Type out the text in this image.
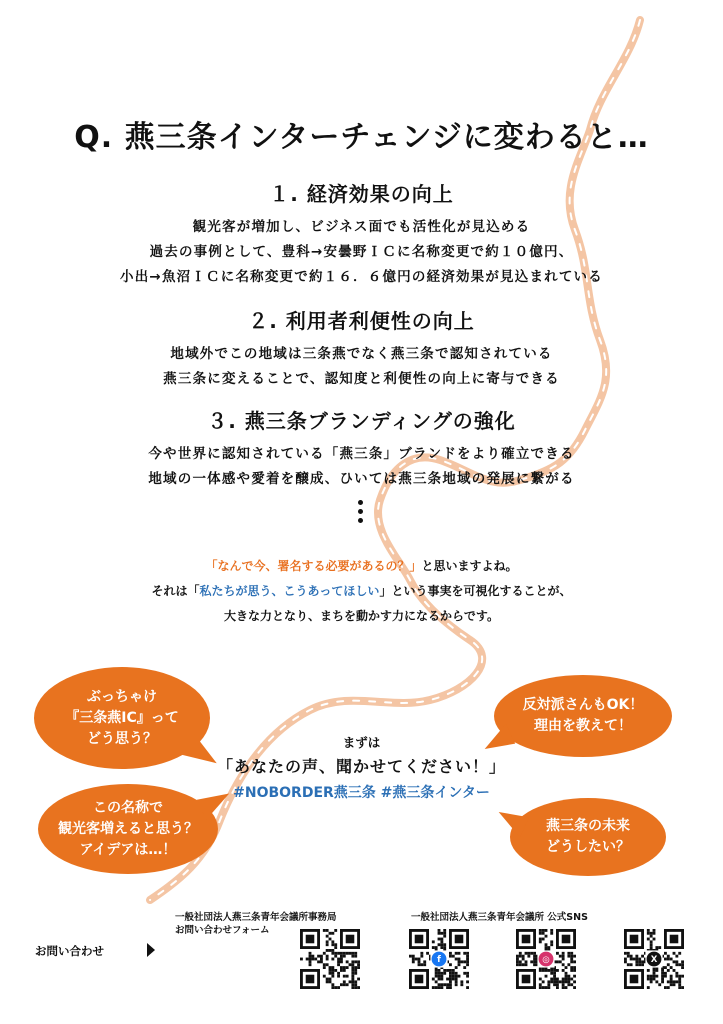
Q. 燕三条インターチェンジに変わると…
１. 経済効果の向上

観光客が増加し、ビジネス面でも活性化が見込める

過去の事例として、豊科→安曇野ＩＣに名称変更で約１０億円、

小出→魚沼ＩＣに名称変更で約１６．６億円の経済効果が見込まれている

２. 利用者利便性の向上

地域外でこの地域は三条燕でなく燕三条で認知されている

燕三条に変えることで、認知度と利便性の向上に寄与できる

３. 燕三条ブランディングの強化

今や世界に認知されている「燕三条」ブランドをより確立できる

地域の一体感や愛着を醸成、ひいては燕三条地域の発展に繋がる

「なんで今、署名する必要があるの？」と思いますよね。
それは「私たちが思う、こうあってほしい」という事実を可視化することが、
大きな力となり、まちを動かす力になるからです。
ぶっちゃけ
『三条燕IC』って
どう思う？
反対派さんもOK！
理由を教えて！
この名称で
観光客増えると思う？
アイデアは…！
燕三条の未来
どうしたい？
まずは
「あなたの声、聞かせてください！」
#NOBORDER燕三条 #燕三条インター
一般社団法人燕三条青年会議所事務局
お問い合わせフォーム
一般社団法人燕三条青年会議所 公式SNS
お問い合わせ
f	◎	X
